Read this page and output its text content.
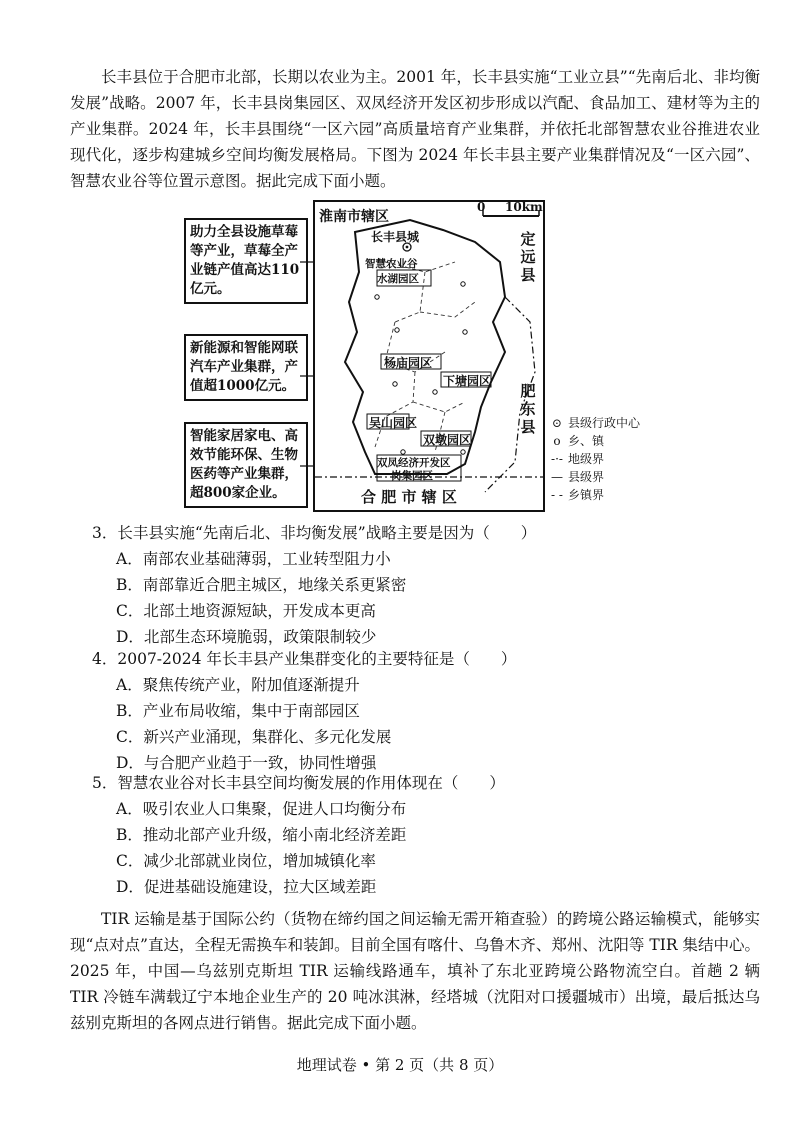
长丰县位于合肥市北部，长期以农业为主。2001 年，长丰县实施“工业立县”“先南后北、非均衡发展”战略。2007 年，长丰县岗集园区、双凤经济开发区初步形成以汽配、食品加工、建材等为主的产业集群。2024 年，长丰县围绕“一区六园”高质量培育产业集群，并依托北部智慧农业谷推进农业现代化，逐步构建城乡空间均衡发展格局。下图为 2024 年长丰县主要产业集群情况及“一区六园”、智慧农业谷等位置示意图。据此完成下面小题。

助力全县设施草莓等产业，草莓全产业链产值高达110亿元。
新能源和智能网联汽车产业集群，产值超1000亿元。
智能家居家电、高效节能环保、生物医药等产业集群，超800家企业。
淮南市辖区
0 10km
长丰县城
智慧农业谷
水湖园区
杨庙园区
下塘园区
吴山园区
双墩园区
双凤经济开发区
岗集园区
合 肥 市 辖 区
定远县
肥东县 ⊙ 县级行政中心
o 乡、镇
-·- 地级界
— 县级界
- - 乡镇界
3．长丰县实施“先南后北、非均衡发展”战略主要是因为（　　）
A．南部农业基础薄弱，工业转型阻力小
B．南部靠近合肥主城区，地缘关系更紧密
C．北部土地资源短缺，开发成本更高
D．北部生态环境脆弱，政策限制较少
4．2007-2024 年长丰县产业集群变化的主要特征是（　　）
A．聚焦传统产业，附加值逐渐提升
B．产业布局收缩，集中于南部园区
C．新兴产业涌现，集群化、多元化发展
D．与合肥产业趋于一致，协同性增强
5．智慧农业谷对长丰县空间均衡发展的作用体现在（　　）
A．吸引农业人口集聚，促进人口均衡分布
B．推动北部产业升级，缩小南北经济差距
C．减少北部就业岗位，增加城镇化率
D．促进基础设施建设，拉大区域差距

TIR 运输是基于国际公约（货物在缔约国之间运输无需开箱查验）的跨境公路运输模式，能够实现“点对点”直达，全程无需换车和装卸。目前全国有喀什、乌鲁木齐、郑州、沈阳等 TIR 集结中心。2025 年，中国—乌兹别克斯坦 TIR 运输线路通车，填补了东北亚跨境公路物流空白。首趟 2 辆 TIR 冷链车满载辽宁本地企业生产的 20 吨冰淇淋，经塔城（沈阳对口援疆城市）出境，最后抵达乌兹别克斯坦的各网点进行销售。据此完成下面小题。

地理试卷 • 第 2 页（共 8 页）
